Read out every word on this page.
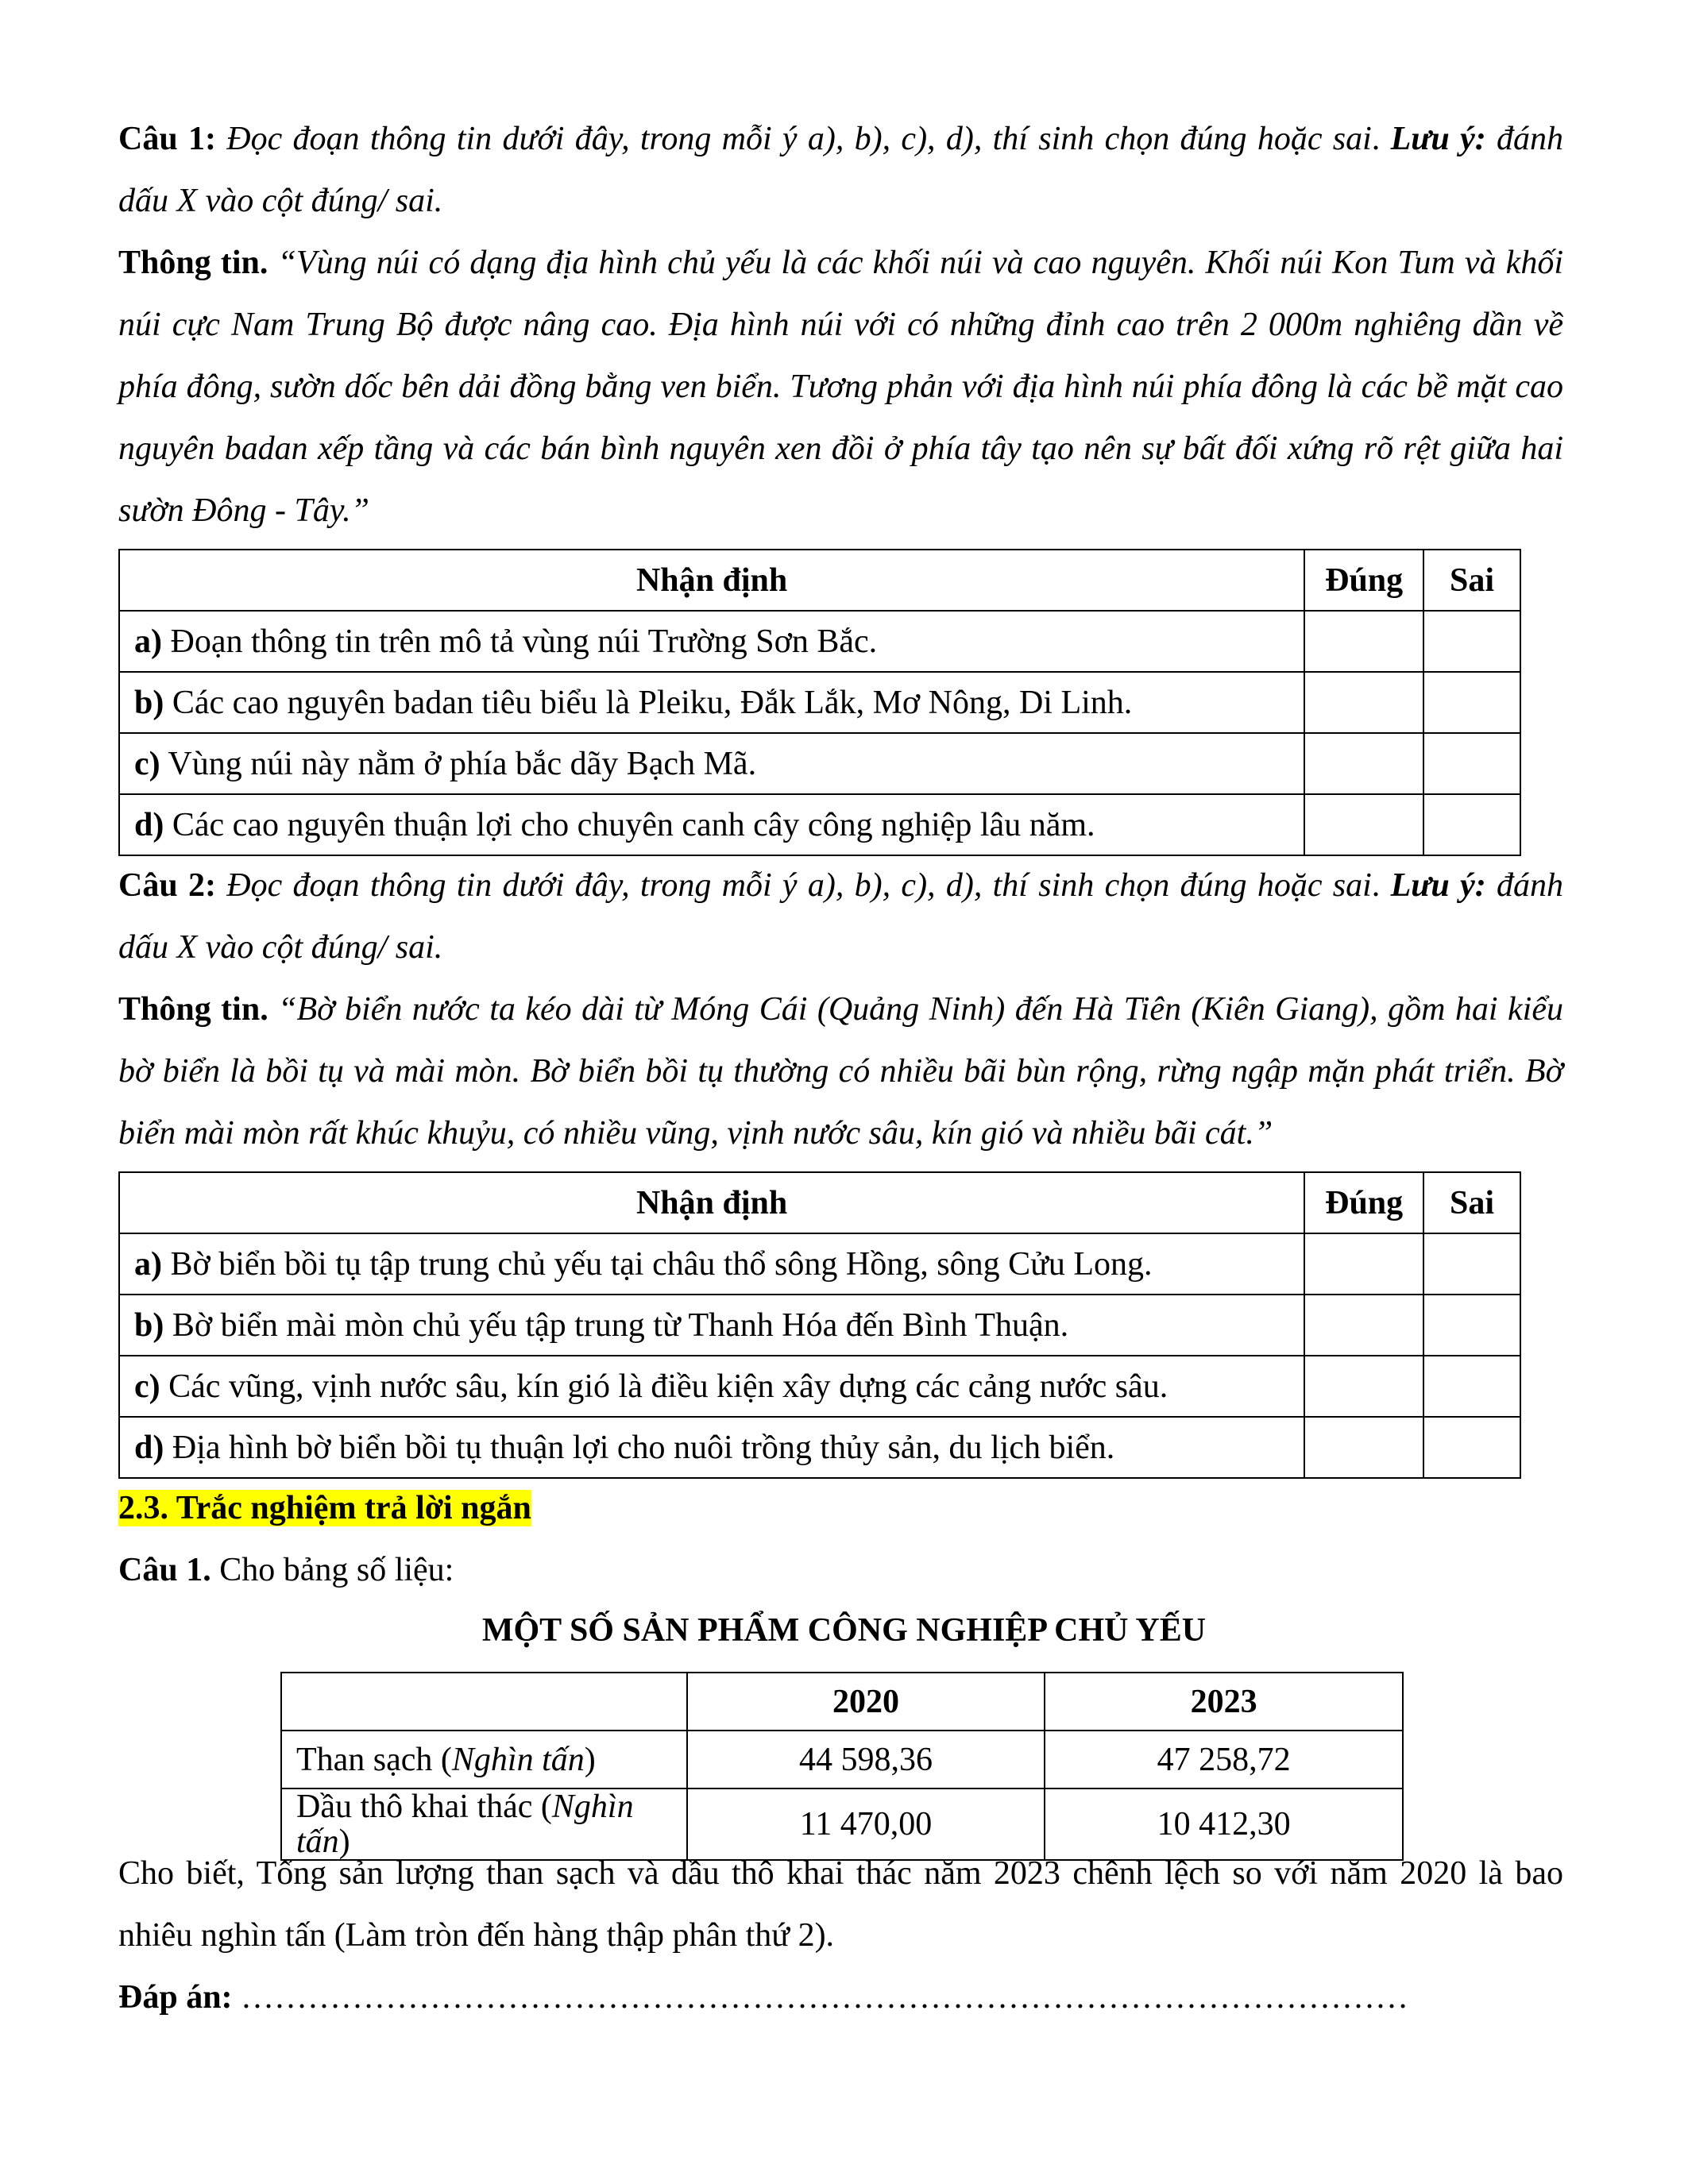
Câu 1: Đọc đoạn thông tin dưới đây, trong mỗi ý a), b), c), d), thí sinh chọn đúng hoặc sai. Lưu ý: đánh dấu X vào cột đúng/ sai.

Thông tin. “Vùng núi có dạng địa hình chủ yếu là các khối núi và cao nguyên. Khối núi Kon Tum và khối núi cực Nam Trung Bộ được nâng cao. Địa hình núi với có những đỉnh cao trên 2 000m nghiêng dần về phía đông, sườn dốc bên dải đồng bằng ven biển. Tương phản với địa hình núi phía đông là các bề mặt cao nguyên badan xếp tầng và các bán bình nguyên xen đồi ở phía tây tạo nên sự bất đối xứng rõ rệt giữa hai sườn Đông - Tây.”

Nhận định	Đúng	Sai
a) Đoạn thông tin trên mô tả vùng núi Trường Sơn Bắc.		
b) Các cao nguyên badan tiêu biểu là Pleiku, Đắk Lắk, Mơ Nông, Di Linh.		
c) Vùng núi này nằm ở phía bắc dãy Bạch Mã.		
d) Các cao nguyên thuận lợi cho chuyên canh cây công nghiệp lâu năm.		

Câu 2: Đọc đoạn thông tin dưới đây, trong mỗi ý a), b), c), d), thí sinh chọn đúng hoặc sai. Lưu ý: đánh dấu X vào cột đúng/ sai.

Thông tin. “Bờ biển nước ta kéo dài từ Móng Cái (Quảng Ninh) đến Hà Tiên (Kiên Giang), gồm hai kiểu bờ biển là bồi tụ và mài mòn. Bờ biển bồi tụ thường có nhiều bãi bùn rộng, rừng ngập mặn phát triển. Bờ biển mài mòn rất khúc khuỷu, có nhiều vũng, vịnh nước sâu, kín gió và nhiều bãi cát.”

Nhận định	Đúng	Sai
a) Bờ biển bồi tụ tập trung chủ yếu tại châu thổ sông Hồng, sông Cửu Long.		
b) Bờ biển mài mòn chủ yếu tập trung từ Thanh Hóa đến Bình Thuận.		
c) Các vũng, vịnh nước sâu, kín gió là điều kiện xây dựng các cảng nước sâu.		
d) Địa hình bờ biển bồi tụ thuận lợi cho nuôi trồng thủy sản, du lịch biển.		

2.3. Trắc nghiệm trả lời ngắn

Câu 1. Cho bảng số liệu:

MỘT SỐ SẢN PHẨM CÔNG NGHIỆP CHỦ YẾU
	2020	2023
Than sạch (Nghìn tấn)	44 598,36	47 258,72
Dầu thô khai thác (Nghìn tấn)	11 470,00	10 412,30

Cho biết, Tổng sản lượng than sạch và dầu thô khai thác năm 2023 chênh lệch so với năm 2020 là bao nhiêu nghìn tấn (Làm tròn đến hàng thập phân thứ 2).

Đáp án: ……………………………………………………………………………………………
